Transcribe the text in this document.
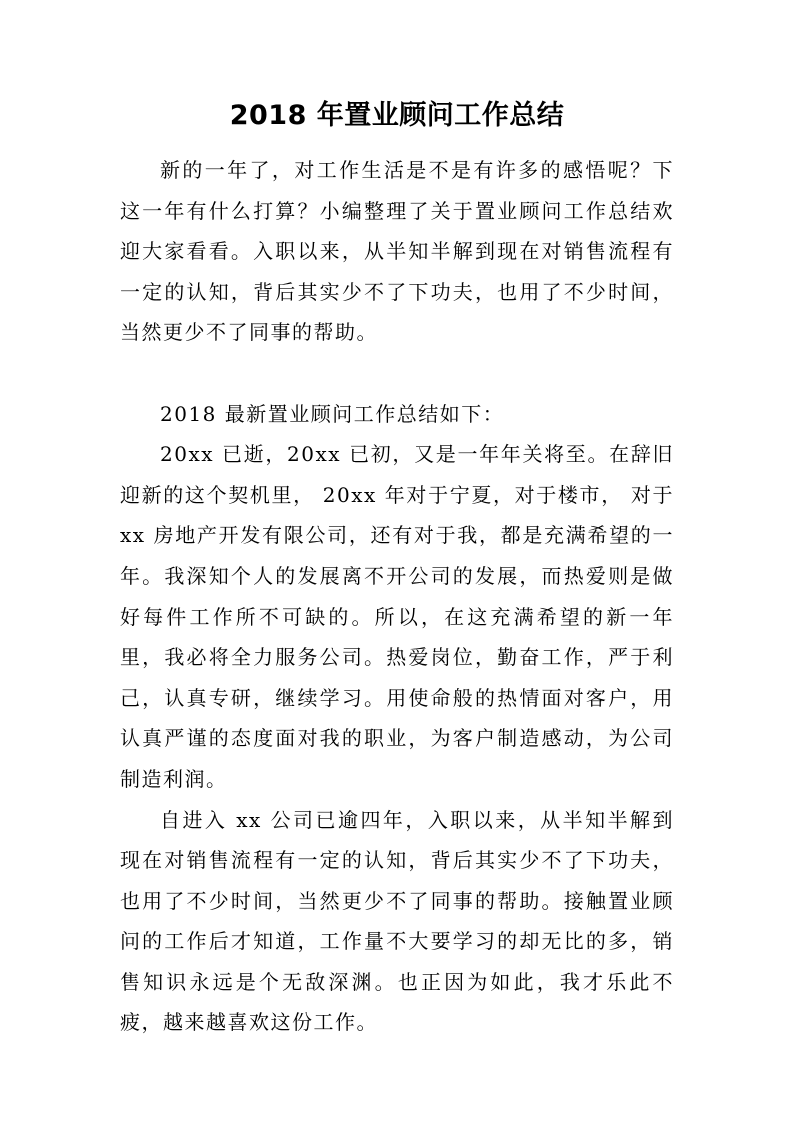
2018 年置业顾问工作总结

新的一年了，对工作生活是不是有许多的感悟呢？下这一年有什么打算？小编整理了关于置业顾问工作总结欢迎大家看看。入职以来，从半知半解到现在对销售流程有一定的认知，背后其实少不了下功夫，也用了不少时间，当然更少不了同事的帮助。

2018 最新置业顾问工作总结如下：

20xx 已逝，20xx 已初，又是一年年关将至。在辞旧迎新的这个契机里， 20xx 年对于宁夏，对于楼市， 对于 xx 房地产开发有限公司，还有对于我，都是充满希望的一年。我深知个人的发展离不开公司的发展，而热爱则是做好每件工作所不可缺的。所以，在这充满希望的新一年里，我必将全力服务公司。热爱岗位，勤奋工作，严于利己，认真专研，继续学习。用使命般的热情面对客户，用认真严谨的态度面对我的职业，为客户制造感动，为公司制造利润。

自进入 xx 公司已逾四年，入职以来，从半知半解到现在对销售流程有一定的认知，背后其实少不了下功夫，也用了不少时间，当然更少不了同事的帮助。接触置业顾问的工作后才知道，工作量不大要学习的却无比的多，销售知识永远是个无敌深渊。也正因为如此，我才乐此不疲，越来越喜欢这份工作。
